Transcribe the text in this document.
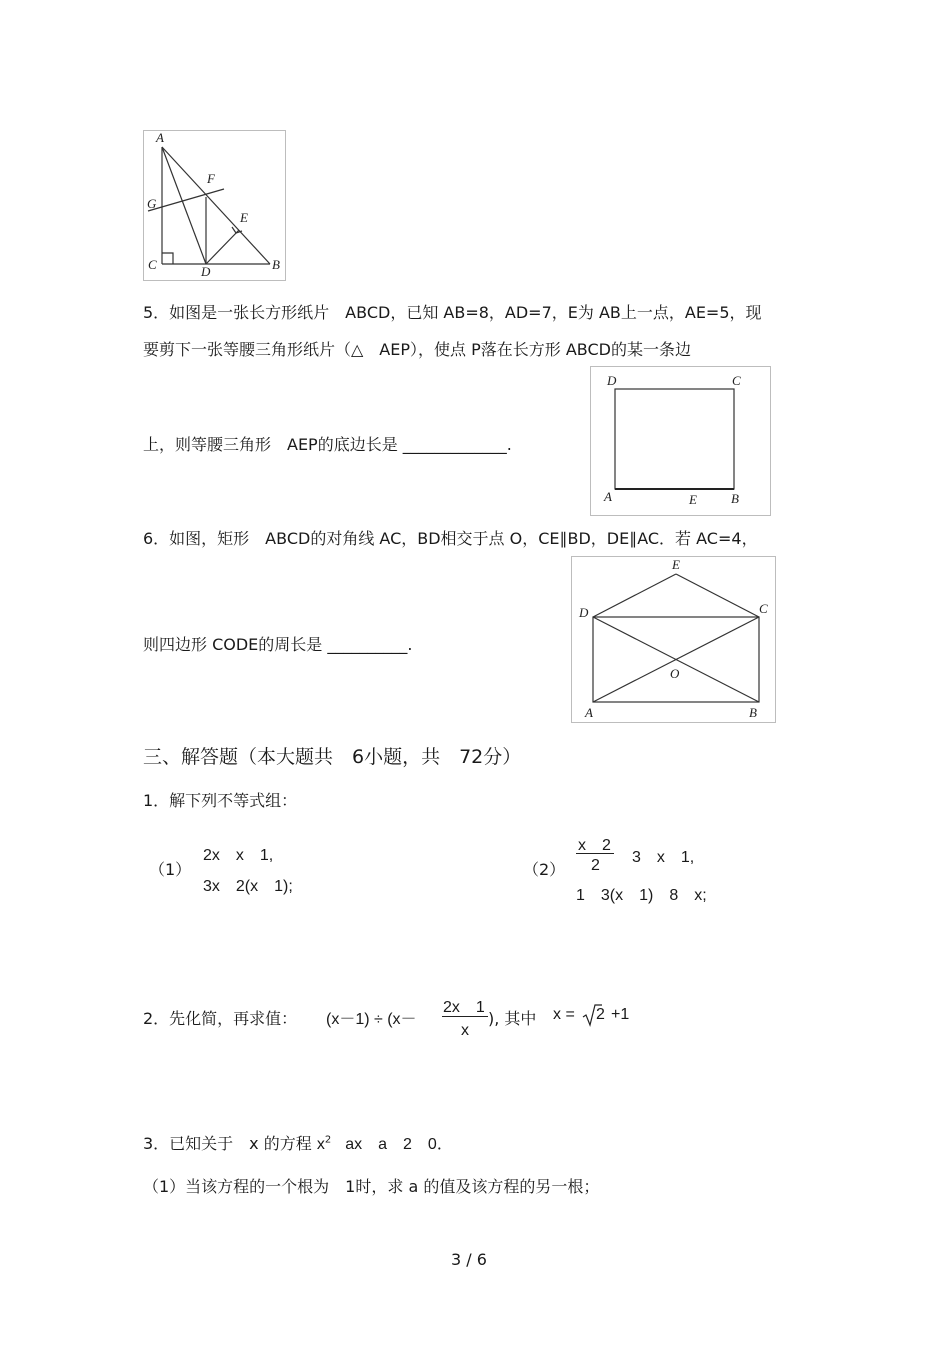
A
F
G
E
C	D	B
5．如图是一张长方形纸片　ABCD，已知 AB=8，AD=7，E为 AB上一点，AE=5，现
要剪下一张等腰三角形纸片（△　AEP），使点 P落在长方形 ABCD的某一条边
上，则等腰三角形　AEP的底边长是 _____________.
D	C
A	E	B
6．如图，矩形　ABCD的对角线 AC，BD相交于点 O，CE∥BD，DE∥AC．若 AC=4，
则四边形 CODE的周长是 __________.
E
D	C
O
A	B
三、解答题（本大题共　6小题，共　72分）
1．解下列不等式组：
（1）
2x　x　1,
3x　2(x　1);
（2）
x　2
2 3　x　1,
1　3(x　1)　8　x;
2．先化简，再求值： (x－1) ÷ (x－
2x　1
x
), 其中 x = 2 +1
3．已知关于　x 的方程 $x^2$ ax　a　2　0．
（1）当该方程的一个根为　1时，求 a 的值及该方程的另一根；
3 / 6
